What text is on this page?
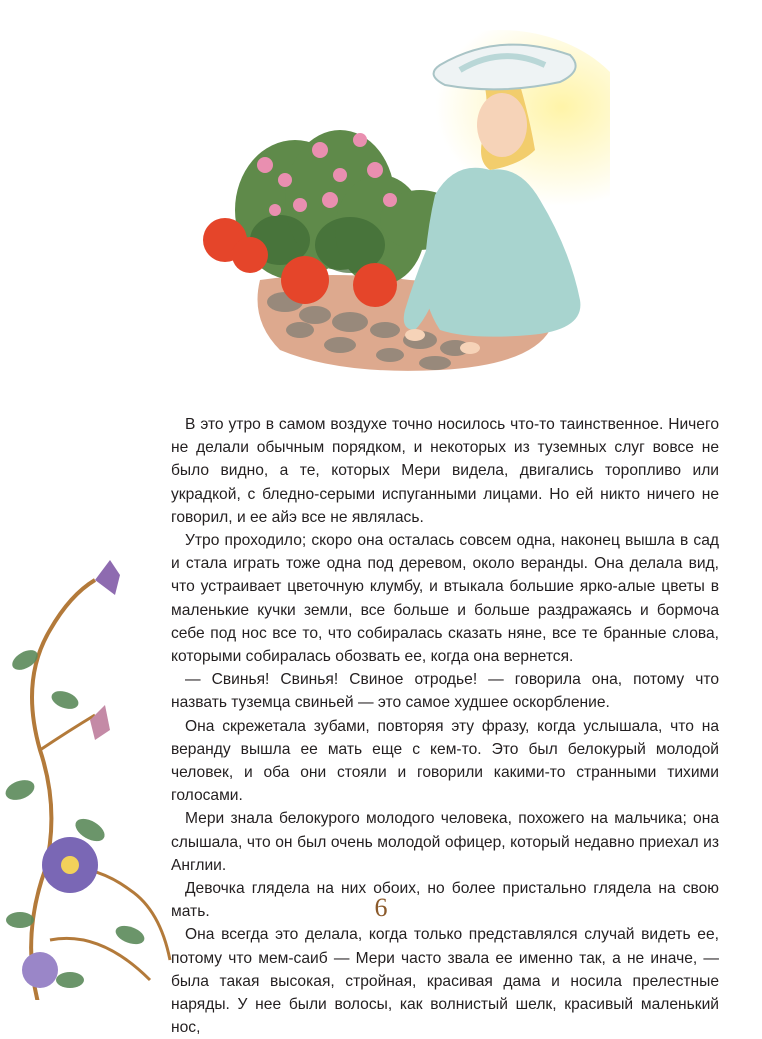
В это утро в самом воздухе точно носилось что-то таинственное. Ничего не делали обычным порядком, и некоторых из туземных слуг вовсе не было видно, а те, которых Мери видела, двигались торопливо или украдкой, с бледно-серыми испуганными лицами. Но ей никто ничего не говорил, и ее айэ все не являлась.

Утро проходило; скоро она осталась совсем одна, наконец вышла в сад и стала играть тоже одна под деревом, около веранды. Она делала вид, что устраивает цветочную клумбу, и втыкала большие ярко-алые цветы в маленькие кучки земли, все больше и больше раздражаясь и бормоча себе под нос все то, что собиралась сказать няне, все те бранные слова, которыми собиралась обозвать ее, когда она вернется.

— Свинья! Свинья! Свиное отродье! — говорила она, потому что назвать туземца свиньей — это самое худшее оскорбление.

Она скрежетала зубами, повторяя эту фразу, когда услышала, что на веранду вышла ее мать еще с кем-то. Это был белокурый молодой человек, и оба они стояли и говорили какими-то странными тихими голосами.

Мери знала белокурого молодого человека, похожего на мальчика; она слышала, что он был очень молодой офицер, который недавно приехал из Англии.

Девочка глядела на них обоих, но более пристально глядела на свою мать.

Она всегда это делала, когда только представлялся случай видеть ее, потому что мем-саиб — Мери часто звала ее именно так, а не иначе, — была такая высокая, стройная, красивая дама и носила прелестные наряды. У нее были волосы, как волнистый шелк, красивый маленький нос,

6
